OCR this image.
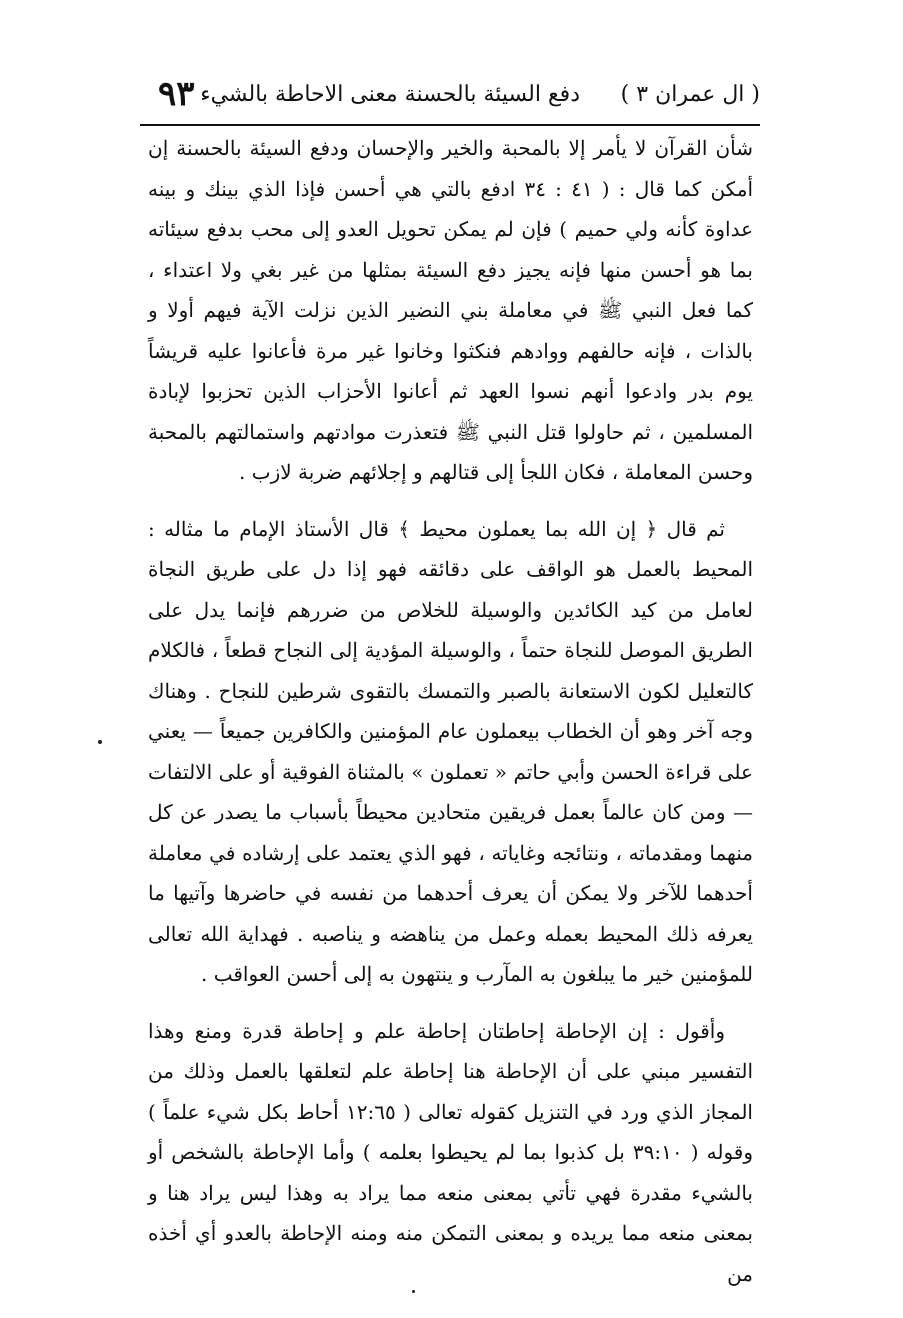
( ال عمران ٣ )
دفع السيئة بالحسنة معنى الاحاطة بالشيء
٩٣

شأن القرآن لا يأمر إلا بالمحبة والخير والإحسان ودفع السيئة بالحسنة إن أمكن كما قال : ( ٤١ : ٣٤ ادفع بالتي هي أحسن فإذا الذي بينك و بينه عداوة كأنه ولي حميم ) فإن لم يمكن تحويل العدو إلى محب بدفع سيئاته بما هو أحسن منها فإنه يجيز دفع السيئة بمثلها من غير بغي ولا اعتداء ، كما فعل النبي ﷺ في معاملة بني النضير الذين نزلت الآية فيهم أولا و بالذات ، فإنه حالفهم ووادهم فنكثوا وخانوا غير مرة فأعانوا عليه قريشاً يوم بدر وادعوا أنهم نسوا العهد ثم أعانوا الأحزاب الذين تحزبوا لإبادة المسلمين ، ثم حاولوا قتل النبي ﷺ فتعذرت موادتهم واستمالتهم بالمحبة وحسن المعاملة ، فكان اللجأ إلى قتالهم و إجلائهم ضربة لازب .

ثم قال ﴿ إن الله بما يعملون محيط ﴾ قال الأستاذ الإمام ما مثاله : المحيط بالعمل هو الواقف على دقائقه فهو إذا دل على طريق النجاة لعامل من كيد الكائدين والوسيلة للخلاص من ضررهم فإنما يدل على الطريق الموصل للنجاة حتماً ، والوسيلة المؤدية إلى النجاح قطعاً ، فالكلام كالتعليل لكون الاستعانة بالصبر والتمسك بالتقوى شرطين للنجاح . وهناك وجه آخر وهو أن الخطاب بيعملون عام المؤمنين والكافرين جميعاً — يعني على قراءة الحسن وأبي حاتم « تعملون » بالمثناة الفوقية أو على الالتفات — ومن كان عالماً بعمل فريقين متحادين محيطاً بأسباب ما يصدر عن كل منهما ومقدماته ، ونتائجه وغاياته ، فهو الذي يعتمد على إرشاده في معاملة أحدهما للآخر ولا يمكن أن يعرف أحدهما من نفسه في حاضرها وآتيها ما يعرفه ذلك المحيط بعمله وعمل من يناهضه و يناصبه . فهداية الله تعالى للمؤمنين خير ما يبلغون به المآرب و ينتهون به إلى أحسن العواقب .

وأقول : إن الإحاطة إحاطتان إحاطة علم و إحاطة قدرة ومنع وهذا التفسير مبني على أن الإحاطة هنا إحاطة علم لتعلقها بالعمل وذلك من المجاز الذي ورد في التنزيل كقوله تعالى ( ١٢:٦٥ أحاط بكل شيء علماً ) وقوله ( ٣٩:١٠ بل كذبوا بما لم يحيطوا بعلمه ) وأما الإحاطة بالشخص أو بالشيء مقدرة فهي تأتي بمعنى منعه مما يراد به وهذا ليس يراد هنا و بمعنى منعه مما يريده و بمعنى التمكن منه ومنه الإحاطة بالعدو أي أخذه من
